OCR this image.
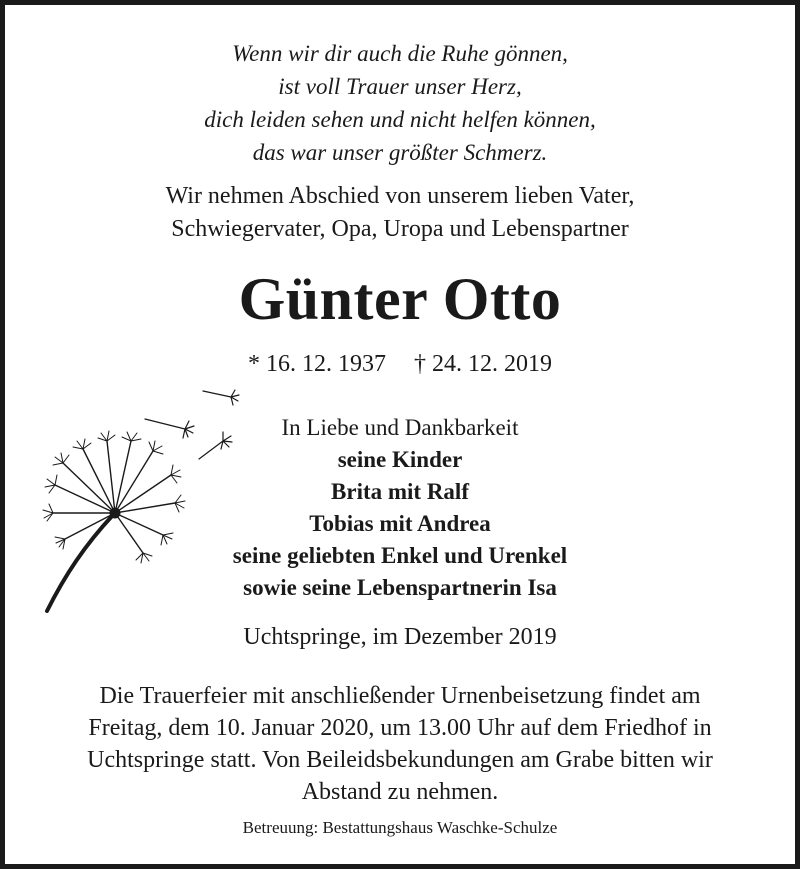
Wenn wir dir auch die Ruhe gönnen,
ist voll Trauer unser Herz,
dich leiden sehen und nicht helfen können,
das war unser größter Schmerz.
Wir nehmen Abschied von unserem lieben Vater,
Schwiegervater, Opa, Uropa und Lebenspartner
Günter Otto
* 16. 12. 1937 † 24. 12. 2019
In Liebe und Dankbarkeit
seine Kinder
Brita mit Ralf
Tobias mit Andrea
seine geliebten Enkel und Urenkel
sowie seine Lebenspartnerin Isa
Uchtspringe, im Dezember 2019
Die Trauerfeier mit anschließender Urnenbeisetzung findet am
Freitag, dem 10. Januar 2020, um 13.00 Uhr auf dem Friedhof in
Uchtspringe statt. Von Beileidsbekundungen am Grabe bitten wir
Abstand zu nehmen.
Betreuung: Bestattungshaus Waschke-Schulze
